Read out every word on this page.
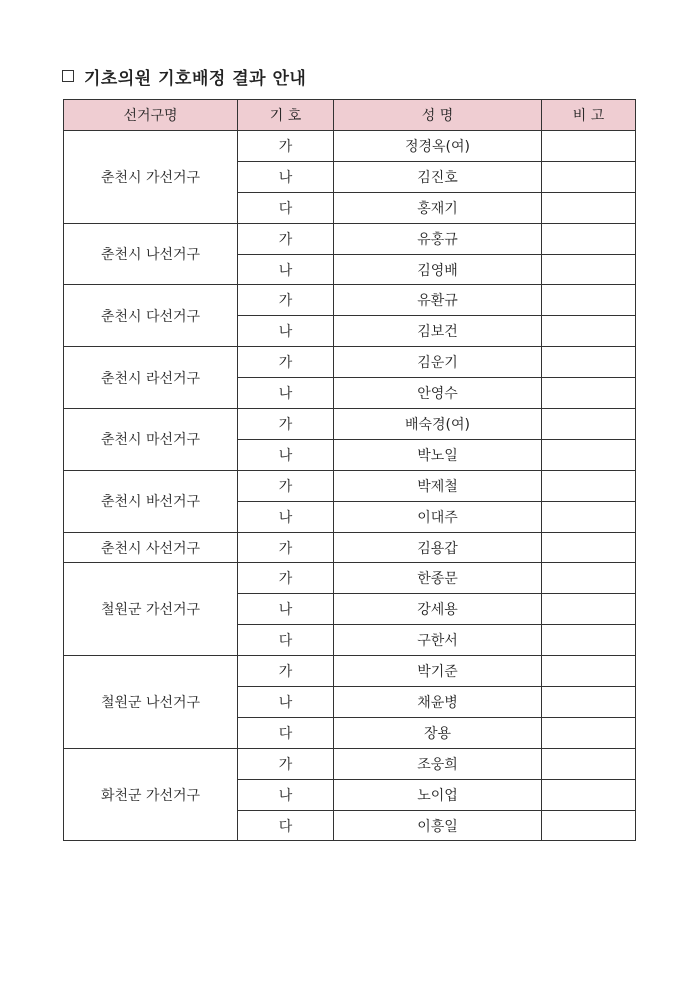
기초의원 기호배정 결과 안내
선거구명	기 호	성 명	비 고
춘천시 가선거구	가	정경옥(여)	
	나	김진호	
	다	홍재기	
춘천시 나선거구	가	유홍규	
	나	김영배	
춘천시 다선거구	가	유환규	
	나	김보건	
춘천시 라선거구	가	김운기	
	나	안영수	
춘천시 마선거구	가	배숙경(여)	
	나	박노일	
춘천시 바선거구	가	박제철	
	나	이대주	
춘천시 사선거구	가	김용갑	
철원군 가선거구	가	한종문	
	나	강세용	
	다	구한서	
철원군 나선거구	가	박기준	
	나	채윤병	
	다	장용	
화천군 가선거구	가	조웅희	
	나	노이업	
	다	이흥일	
